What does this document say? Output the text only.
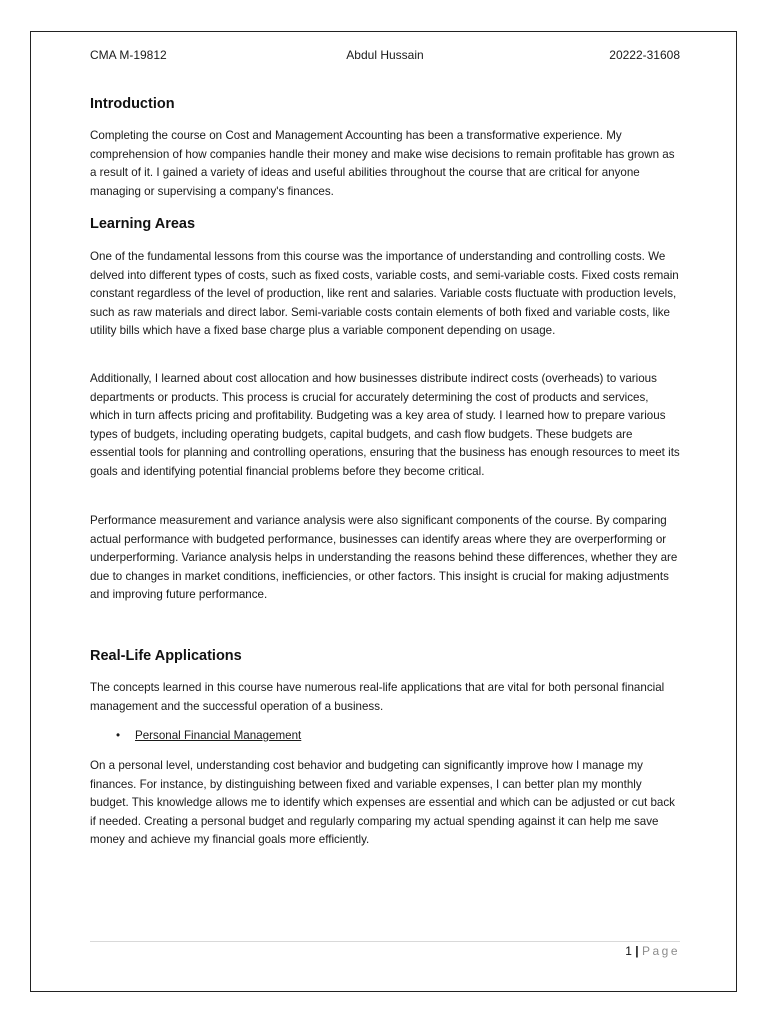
CMA M-19812	Abdul Hussain	20222-31608
Introduction

Completing the course on Cost and Management Accounting has been a transformative experience. My comprehension of how companies handle their money and make wise decisions to remain profitable has grown as a result of it. I gained a variety of ideas and useful abilities throughout the course that are critical for anyone managing or supervising a company's finances.

Learning Areas

One of the fundamental lessons from this course was the importance of understanding and controlling costs. We delved into different types of costs, such as fixed costs, variable costs, and semi-variable costs. Fixed costs remain constant regardless of the level of production, like rent and salaries. Variable costs fluctuate with production levels, such as raw materials and direct labor. Semi-variable costs contain elements of both fixed and variable costs, like utility bills which have a fixed base charge plus a variable component depending on usage.

Additionally, I learned about cost allocation and how businesses distribute indirect costs (overheads) to various departments or products. This process is crucial for accurately determining the cost of products and services, which in turn affects pricing and profitability. Budgeting was a key area of study. I learned how to prepare various types of budgets, including operating budgets, capital budgets, and cash flow budgets. These budgets are essential tools for planning and controlling operations, ensuring that the business has enough resources to meet its goals and identifying potential financial problems before they become critical.

Performance measurement and variance analysis were also significant components of the course. By comparing actual performance with budgeted performance, businesses can identify areas where they are overperforming or underperforming. Variance analysis helps in understanding the reasons behind these differences, whether they are due to changes in market conditions, inefficiencies, or other factors. This insight is crucial for making adjustments and improving future performance.

Real-Life Applications

The concepts learned in this course have numerous real-life applications that are vital for both personal financial management and the successful operation of a business.

• Personal Financial Management

On a personal level, understanding cost behavior and budgeting can significantly improve how I manage my finances. For instance, by distinguishing between fixed and variable expenses, I can better plan my monthly budget. This knowledge allows me to identify which expenses are essential and which can be adjusted or cut back if needed. Creating a personal budget and regularly comparing my actual spending against it can help me save money and achieve my financial goals more efficiently.

1 | Page
